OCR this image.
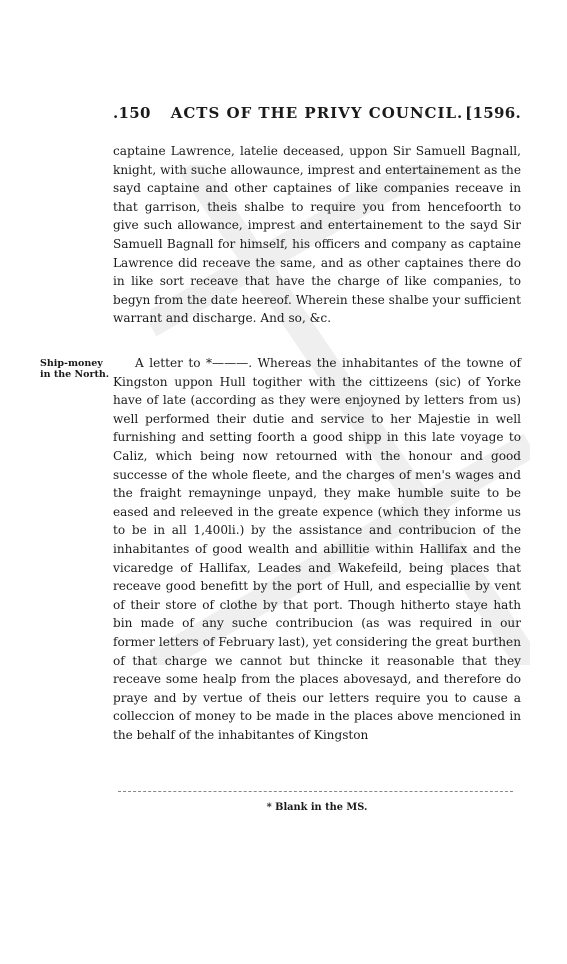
.150	ACTS OF THE PRIVY COUNCIL. [1596.

captaine Lawrence, latelie deceased, uppon Sir Samuell Bagnall, knight, with suche allowaunce, imprest and entertainement as the sayd captaine and other captaines of like companies receave in that garrison, theis shalbe to require you from hencefoorth to give such allowance, imprest and entertainement to the sayd Sir Samuell Bagnall for himself, his officers and company as captaine Lawrence did receave the same, and as other captaines there do in like sort receave that have the charge of like companies, to begyn from the date heereof. Wherein these shalbe your sufficient warrant and discharge. And so, &c.

Ship-money in the North.

A letter to *———. Whereas the inhabitantes of the towne of Kingston uppon Hull togither with the cittizeens (sic) of Yorke have of late (according as they were enjoyned by letters from us) well performed their dutie and service to her Majestie in well furnishing and setting foorth a good shipp in this late voyage to Caliz, which being now retourned with the honour and good successe of the whole fleete, and the charges of men's wages and the fraight remayninge unpayd, they make humble suite to be eased and releeved in the greate expence (which they informe us to be in all 1,400li.) by the assistance and contribucion of the inhabitantes of good wealth and abillitie within Hallifax and the vicaredge of Hallifax, Leades and Wakefeild, being places that receave good benefitt by the port of Hull, and especiallie by vent of their store of clothe by that port. Though hitherto staye hath bin made of any suche contribucion (as was required in our former letters of February last), yet considering the great burthen of that charge we cannot but thincke it reasonable that they receave some healp from the places abovesayd, and therefore do praye and by vertue of theis our letters require you to cause a colleccion of money to be made in the places above mencioned in the behalf of the inhabitantes of Kingston

* Blank in the MS.
